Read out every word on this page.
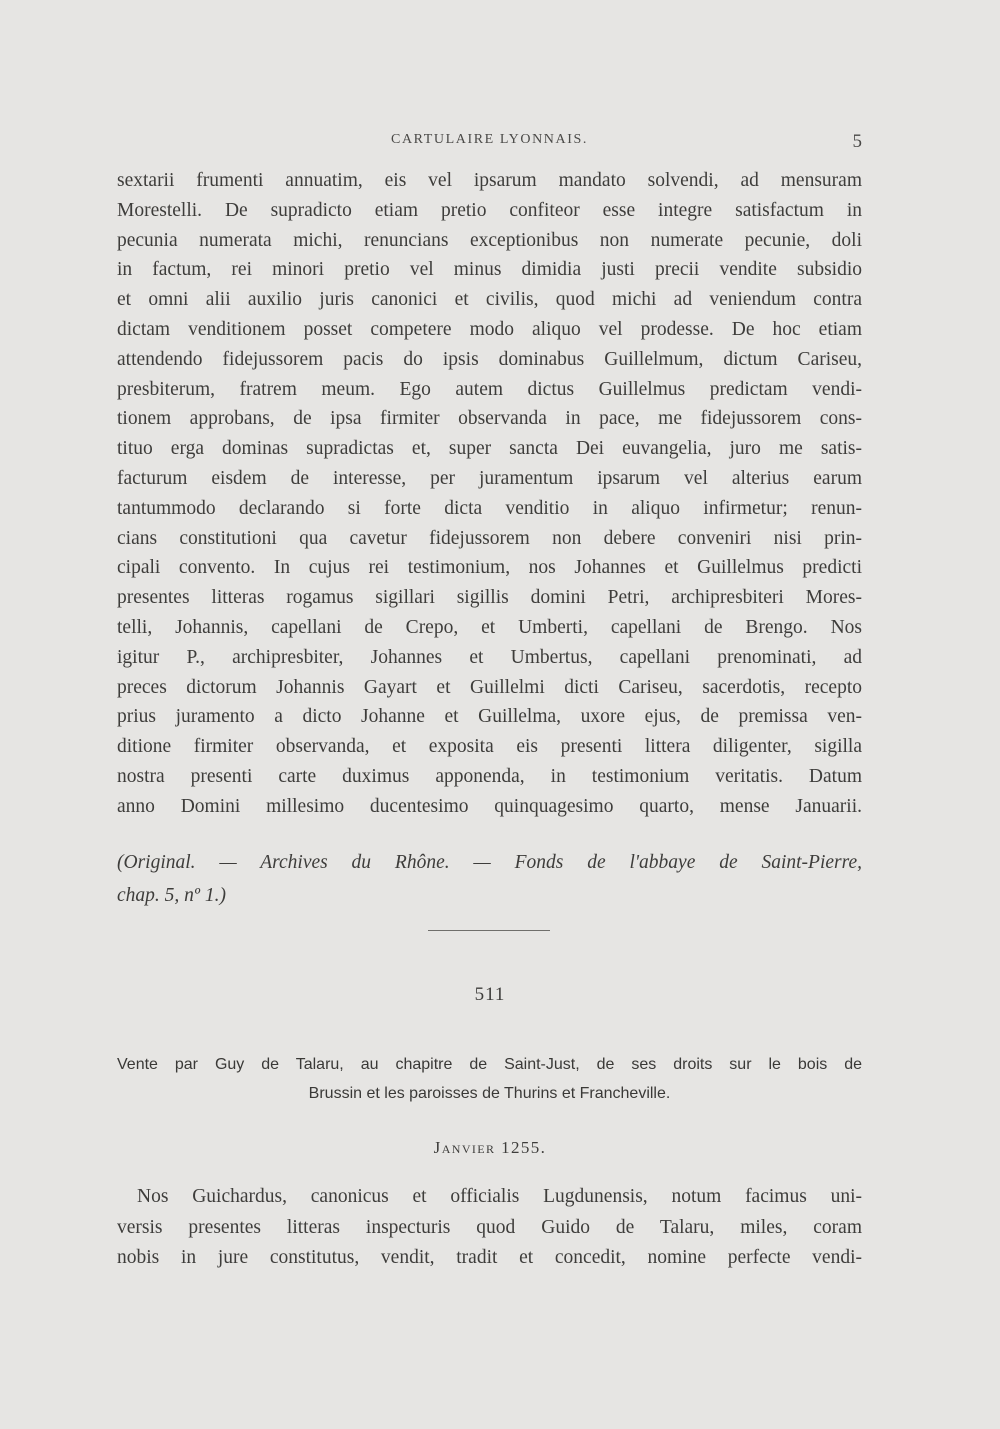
CARTULAIRE LYONNAIS.	5
sextarii frumenti annuatim, eis vel ipsarum mandato solvendi, ad mensuram
Morestelli. De supradicto etiam pretio confiteor esse integre satisfactum in
pecunia numerata michi, renuncians exceptionibus non numerate pecunie, doli
in factum, rei minori pretio vel minus dimidia justi precii vendite subsidio
et omni alii auxilio juris canonici et civilis, quod michi ad veniendum contra
dictam venditionem posset competere modo aliquo vel prodesse. De hoc etiam
attendendo fidejussorem pacis do ipsis dominabus Guillelmum, dictum Cariseu,
presbiterum, fratrem meum. Ego autem dictus Guillelmus predictam vendi-
tionem approbans, de ipsa firmiter observanda in pace, me fidejussorem cons-
tituo erga dominas supradictas et, super sancta Dei euvangelia, juro me satis-
facturum eisdem de interesse, per juramentum ipsarum vel alterius earum
tantummodo declarando si forte dicta venditio in aliquo infirmetur; renun-
cians constitutioni qua cavetur fidejussorem non debere conveniri nisi prin-
cipali convento. In cujus rei testimonium, nos Johannes et Guillelmus predicti
presentes litteras rogamus sigillari sigillis domini Petri, archipresbiteri Mores-
telli, Johannis, capellani de Crepo, et Umberti, capellani de Brengo. Nos
igitur P., archipresbiter, Johannes et Umbertus, capellani prenominati, ad
preces dictorum Johannis Gayart et Guillelmi dicti Cariseu, sacerdotis, recepto
prius juramento a dicto Johanne et Guillelma, uxore ejus, de premissa ven-
ditione firmiter observanda, et exposita eis presenti littera diligenter, sigilla
nostra presenti carte duximus apponenda, in testimonium veritatis. Datum
anno Domini millesimo ducentesimo quinquagesimo quarto, mense Januarii.
(Original. — Archives du Rhône. — Fonds de l'abbaye de Saint-Pierre,
chap. 5, nº 1.)
511
Vente par Guy de Talaru, au chapitre de Saint-Just, de ses droits sur le bois de
Brussin et les paroisses de Thurins et Francheville.
Janvier 1255.
Nos Guichardus, canonicus et officialis Lugdunensis, notum facimus uni-
versis presentes litteras inspecturis quod Guido de Talaru, miles, coram
nobis in jure constitutus, vendit, tradit et concedit, nomine perfecte vendi-
